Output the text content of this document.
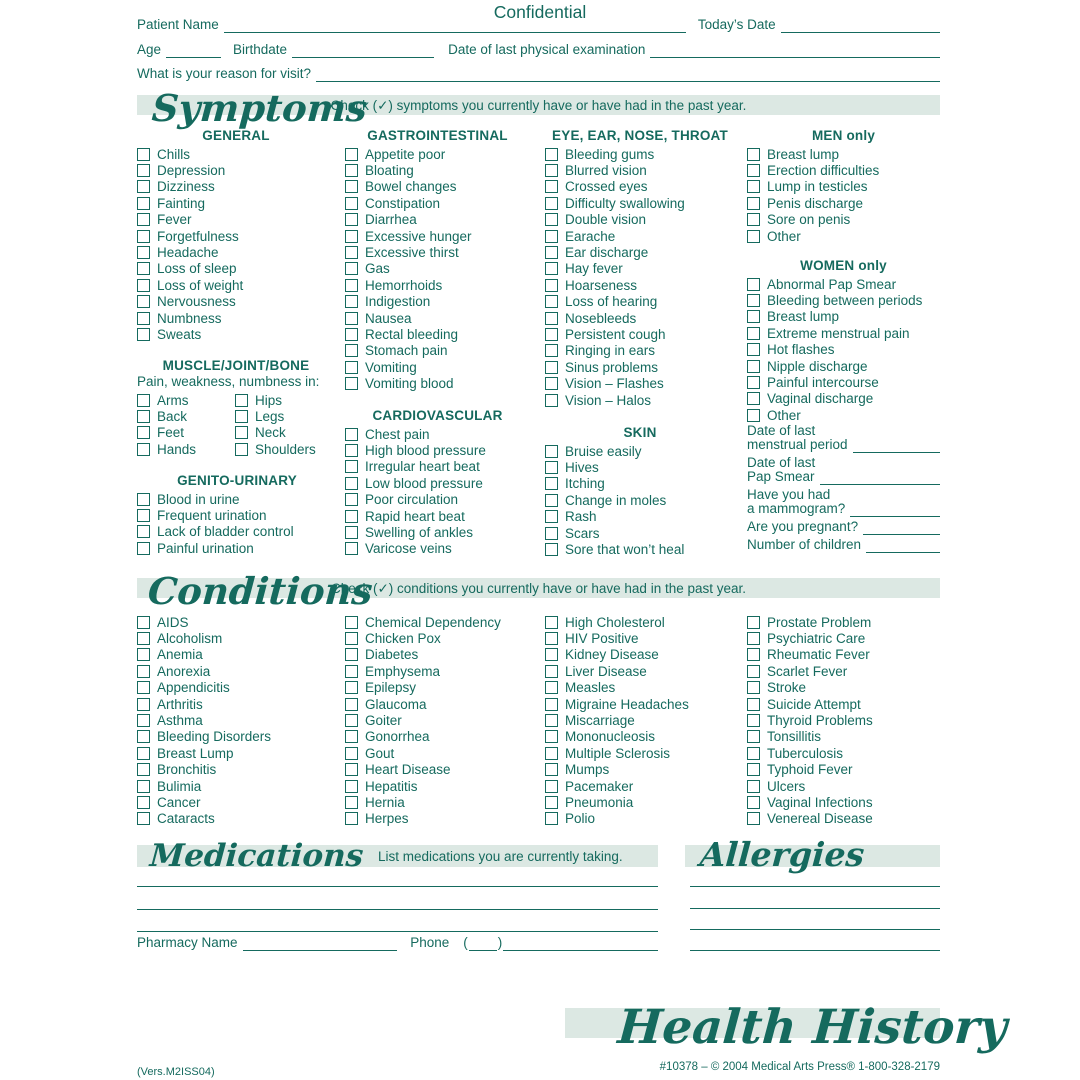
Confidential
Patient Name	Today’s Date
Age	Birthdate	Date of last physical examination
What is your reason for visit?
Symptoms
Check (✓) symptoms you currently have or have had in the past year.
GENERAL
Chills
Depression
Dizziness
Fainting
Fever
Forgetfulness
Headache
Loss of sleep
Loss of weight
Nervousness
Numbness
Sweats
MUSCLE/JOINT/BONE
Pain, weakness, numbness in:
Arms
Back
Feet
Hands
Hips
Legs
Neck
Shoulders
GENITO-URINARY
Blood in urine
Frequent urination
Lack of bladder control
Painful urination
GASTROINTESTINAL
Appetite poor
Bloating
Bowel changes
Constipation
Diarrhea
Excessive hunger
Excessive thirst
Gas
Hemorrhoids
Indigestion
Nausea
Rectal bleeding
Stomach pain
Vomiting
Vomiting blood
CARDIOVASCULAR
Chest pain
High blood pressure
Irregular heart beat
Low blood pressure
Poor circulation
Rapid heart beat
Swelling of ankles
Varicose veins
EYE, EAR, NOSE, THROAT
Bleeding gums
Blurred vision
Crossed eyes
Difficulty swallowing
Double vision
Earache
Ear discharge
Hay fever
Hoarseness
Loss of hearing
Nosebleeds
Persistent cough
Ringing in ears
Sinus problems
Vision – Flashes
Vision – Halos
SKIN
Bruise easily
Hives
Itching
Change in moles
Rash
Scars
Sore that won’t heal
MEN only
Breast lump
Erection difficulties
Lump in testicles
Penis discharge
Sore on penis
Other
WOMEN only
Abnormal Pap Smear
Bleeding between periods
Breast lump
Extreme menstrual pain
Hot flashes
Nipple discharge
Painful intercourse
Vaginal discharge
Other
Date of last
menstrual period
Date of last
Pap Smear
Have you had
a mammogram?
Are you pregnant?
Number of children
Conditions
Check (✓) conditions you currently have or have had in the past year.
AIDS
Alcoholism
Anemia
Anorexia
Appendicitis
Arthritis
Asthma
Bleeding Disorders
Breast Lump
Bronchitis
Bulimia
Cancer
Cataracts
Chemical Dependency
Chicken Pox
Diabetes
Emphysema
Epilepsy
Glaucoma
Goiter
Gonorrhea
Gout
Heart Disease
Hepatitis
Hernia
Herpes
High Cholesterol
HIV Positive
Kidney Disease
Liver Disease
Measles
Migraine Headaches
Miscarriage
Mononucleosis
Multiple Sclerosis
Mumps
Pacemaker
Pneumonia
Polio
Prostate Problem
Psychiatric Care
Rheumatic Fever
Scarlet Fever
Stroke
Suicide Attempt
Thyroid Problems
Tonsillitis
Tuberculosis
Typhoid Fever
Ulcers
Vaginal Infections
Venereal Disease
Medications List medications you are currently taking.
Pharmacy Name	Phone ( )
Allergies
Health History
(Vers.M2ISS04)	#10378 – © 2004 Medical Arts Press® 1-800-328-2179
